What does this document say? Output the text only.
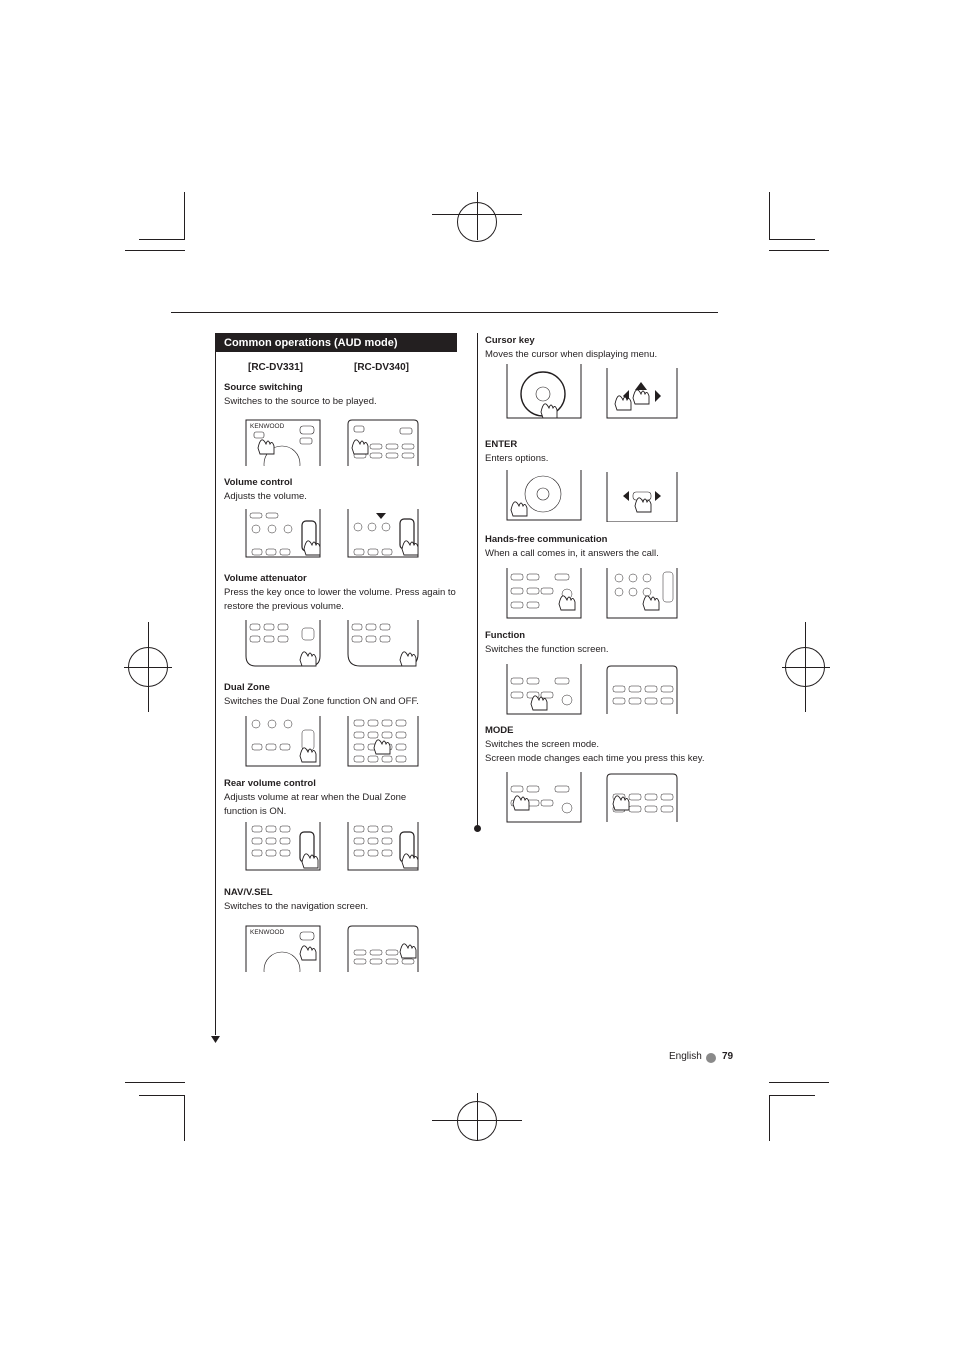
Common operations (AUD mode)
[RC-DV331]	[RC-DV340]
Source switching
Switches to the source to be played.
Volume control
Adjusts the volume.
Volume attenuator
Press the key once to lower the volume. Press again to restore the previous volume.
Dual Zone
Switches the Dual Zone function ON and OFF.
Rear volume control
Adjusts volume at rear when the Dual Zone function is ON.
NAV/V.SEL
Switches to the navigation screen.
Cursor key
Moves the cursor when displaying menu.
ENTER
Enters options.
Hands-free communication
When a call comes in, it answers the call.
Function
Switches the function screen.
MODE
Switches the screen mode.
Screen mode changes each time you press this key.
KENWOOD
KENWOOD
English 79
